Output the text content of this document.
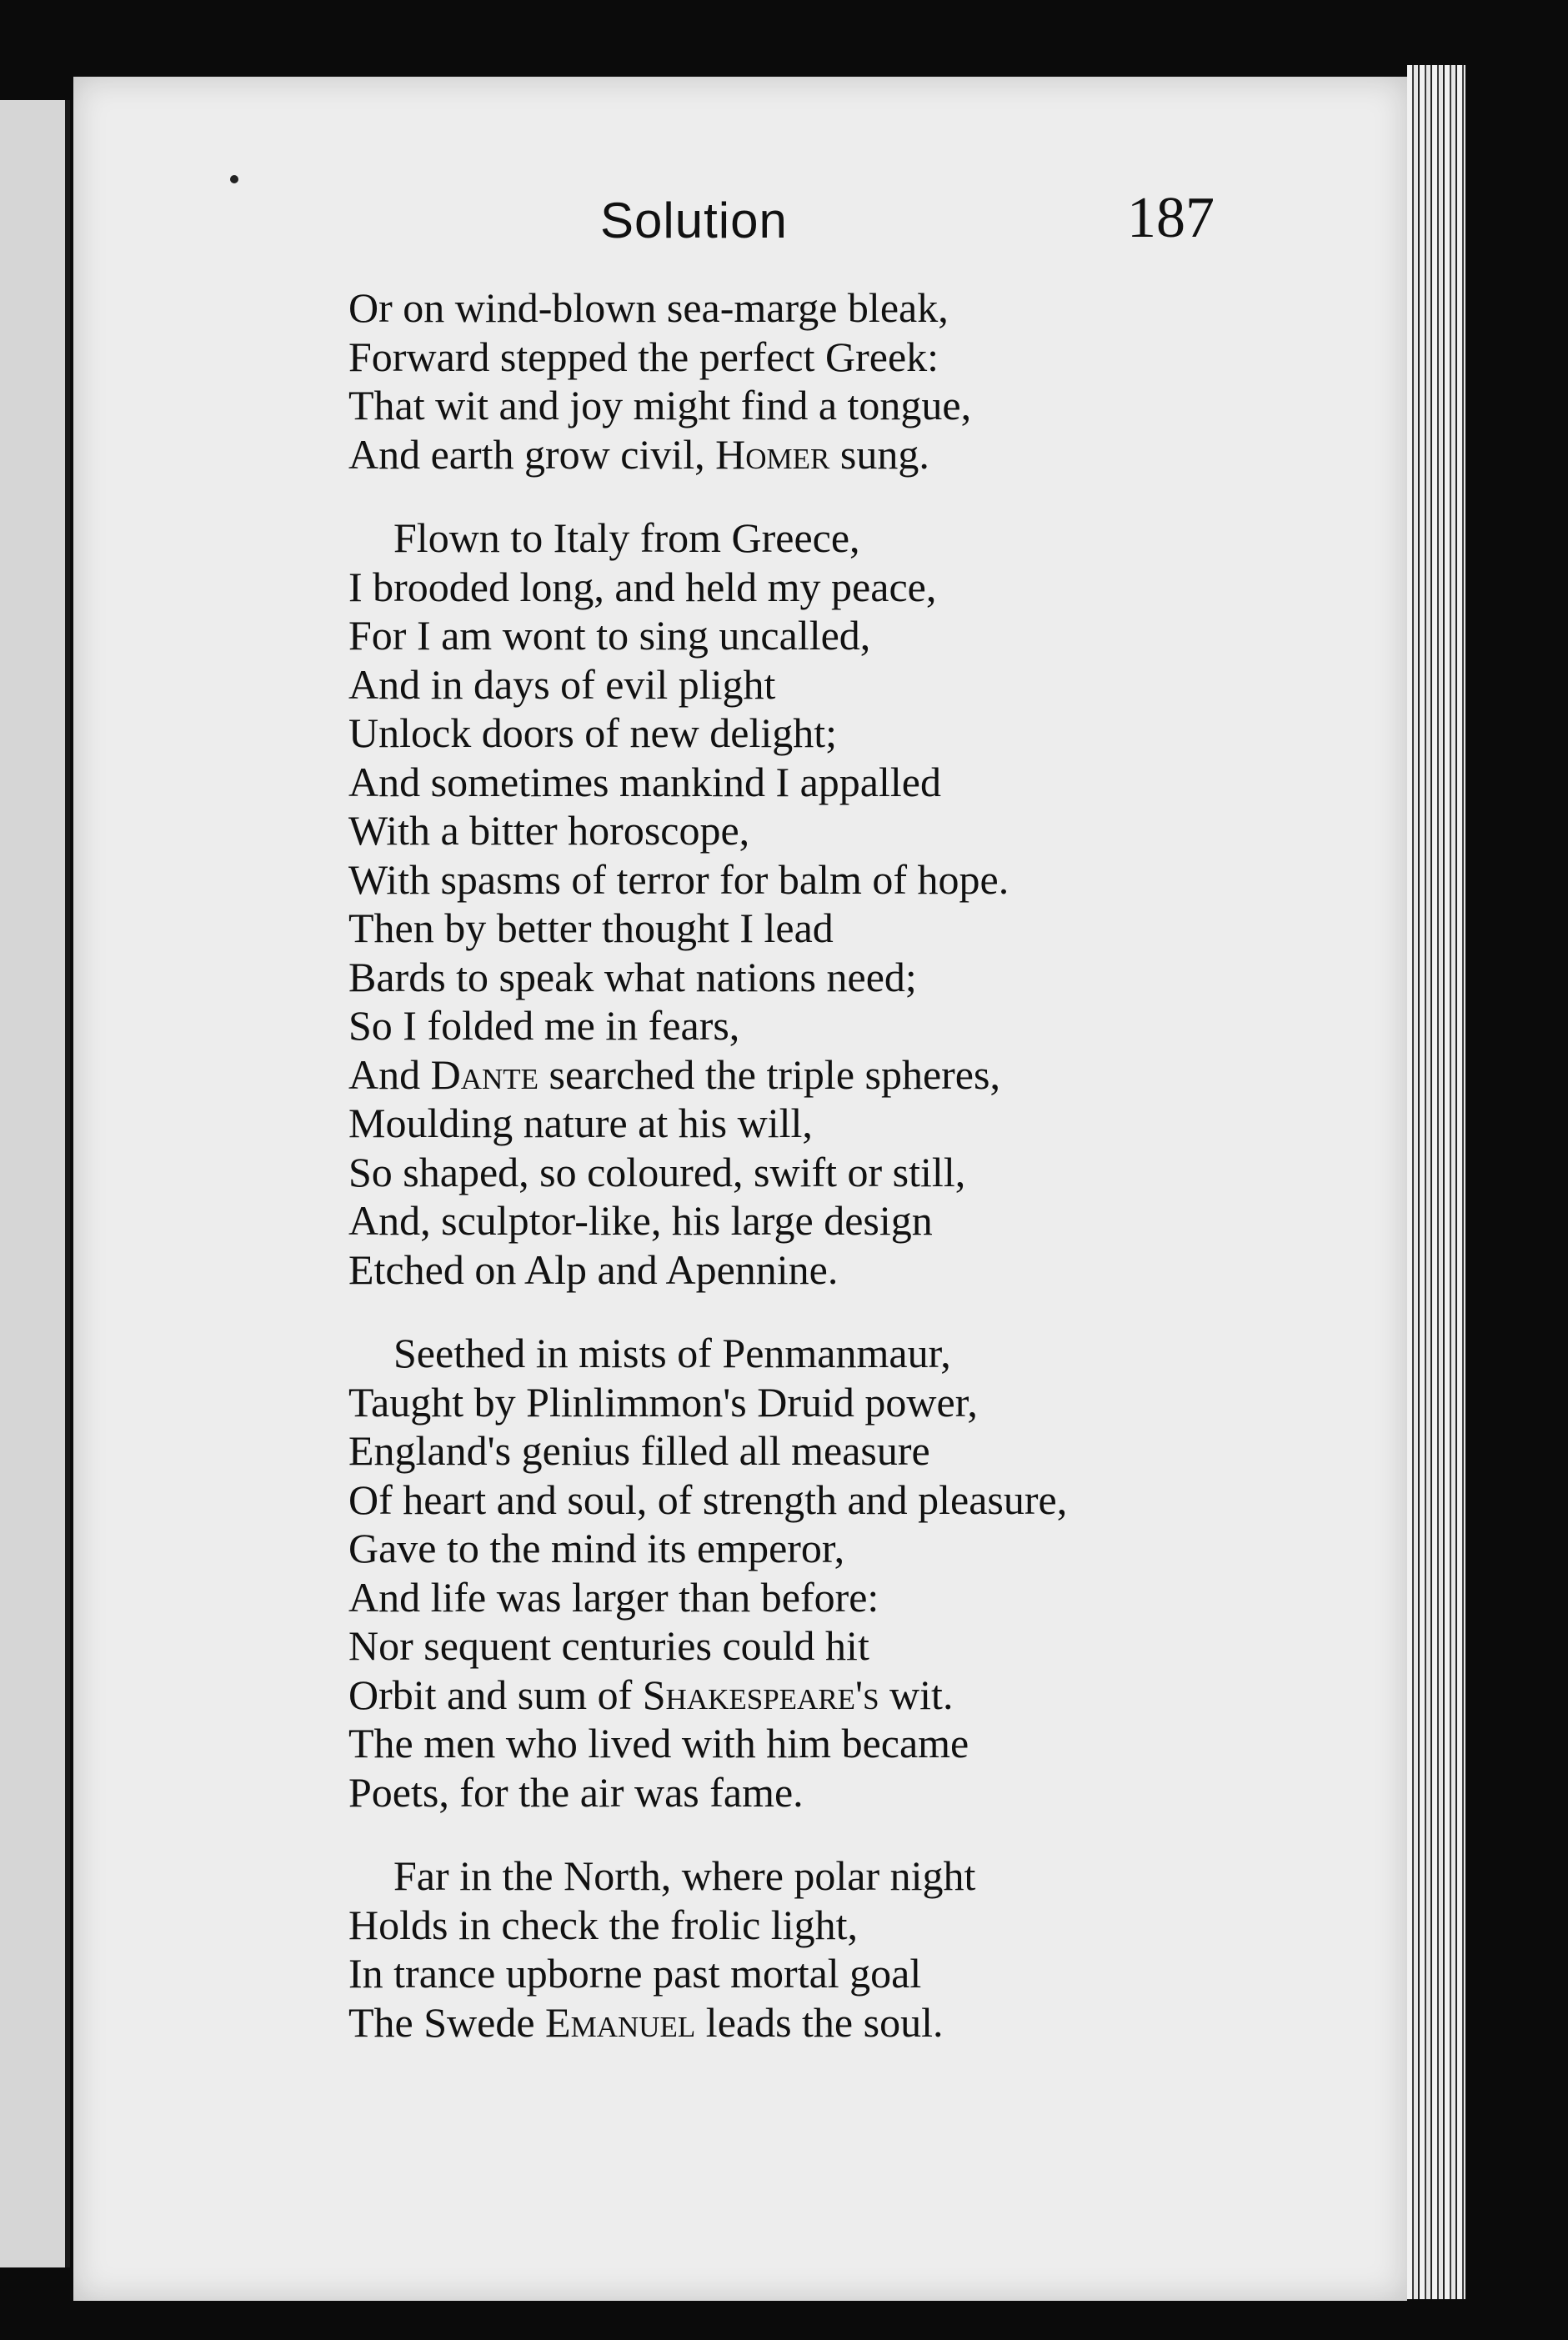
Solution	187
Or on wind-blown sea-marge bleak,
Forward stepped the perfect Greek:
That wit and joy might find a tongue,
And earth grow civil, Homer sung.
Flown to Italy from Greece,
I brooded long, and held my peace,
For I am wont to sing uncalled,
And in days of evil plight
Unlock doors of new delight;
And sometimes mankind I appalled
With a bitter horoscope,
With spasms of terror for balm of hope.
Then by better thought I lead
Bards to speak what nations need;
So I folded me in fears,
And Dante searched the triple spheres,
Moulding nature at his will,
So shaped, so coloured, swift or still,
And, sculptor-like, his large design
Etched on Alp and Apennine.
Seethed in mists of Penmanmaur,
Taught by Plinlimmon's Druid power,
England's genius filled all measure
Of heart and soul, of strength and pleasure,
Gave to the mind its emperor,
And life was larger than before:
Nor sequent centuries could hit
Orbit and sum of Shakespeare's wit.
The men who lived with him became
Poets, for the air was fame.
Far in the North, where polar night
Holds in check the frolic light,
In trance upborne past mortal goal
The Swede Emanuel leads the soul.
